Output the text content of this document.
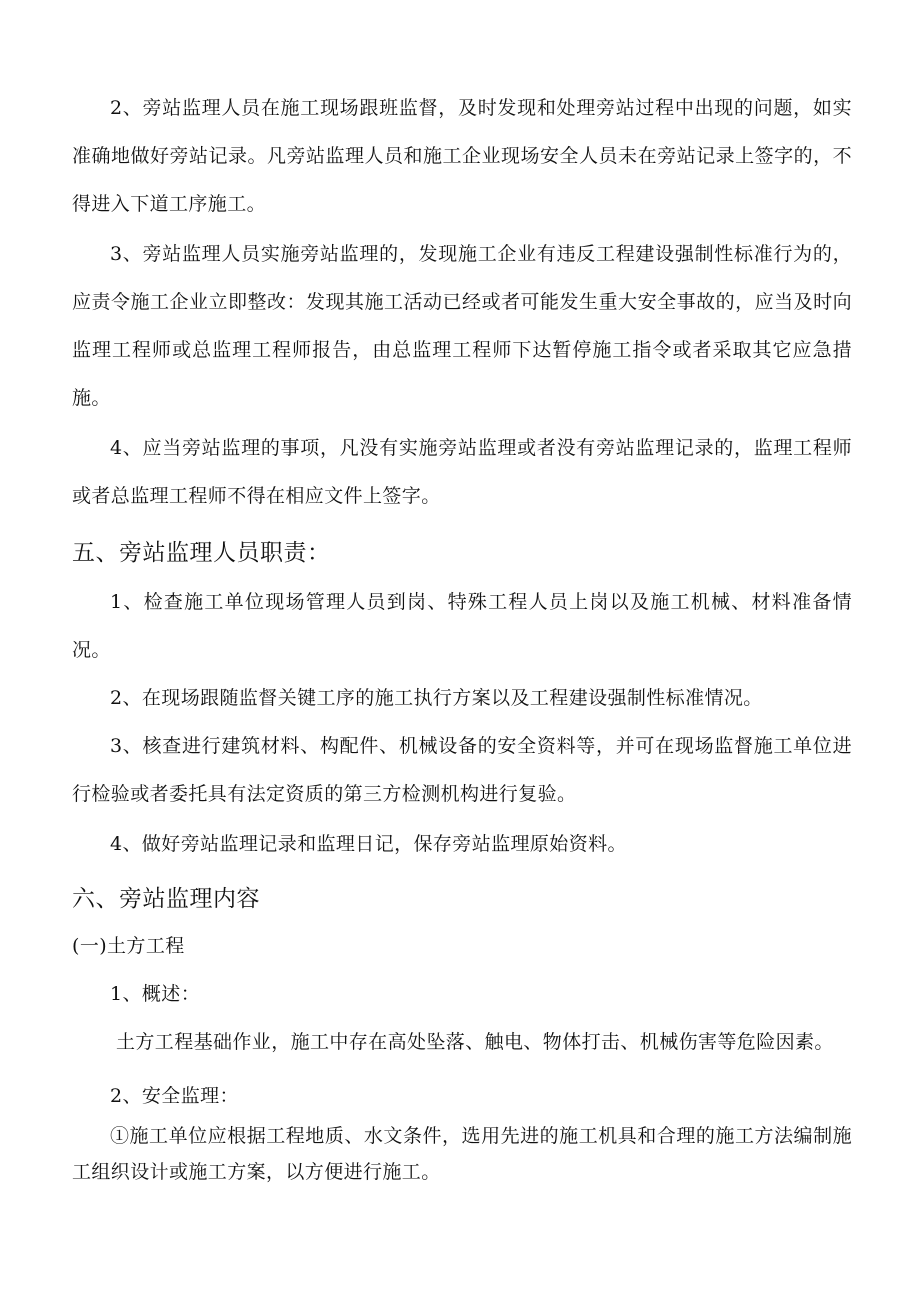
2、旁站监理人员在施工现场跟班监督，及时发现和处理旁站过程中出现的问题，如实准确地做好旁站记录。凡旁站监理人员和施工企业现场安全人员未在旁站记录上签字的，不得进入下道工序施工。

3、旁站监理人员实施旁站监理的，发现施工企业有违反工程建设强制性标准行为的，应责令施工企业立即整改：发现其施工活动已经或者可能发生重大安全事故的，应当及时向监理工程师或总监理工程师报告，由总监理工程师下达暂停施工指令或者采取其它应急措施。

4、应当旁站监理的事项，凡没有实施旁站监理或者没有旁站监理记录的，监理工程师或者总监理工程师不得在相应文件上签字。

五、旁站监理人员职责：

1、检查施工单位现场管理人员到岗、特殊工程人员上岗以及施工机械、材料准备情况。

2、在现场跟随监督关键工序的施工执行方案以及工程建设强制性标准情况。

3、核查进行建筑材料、构配件、机械设备的安全资料等，并可在现场监督施工单位进行检验或者委托具有法定资质的第三方检测机构进行复验。

4、做好旁站监理记录和监理日记，保存旁站监理原始资料。

六、旁站监理内容

(一)土方工程

1、概述：

土方工程基础作业，施工中存在高处坠落、触电、物体打击、机械伤害等危险因素。

2、安全监理：

①施工单位应根据工程地质、水文条件，选用先进的施工机具和合理的施工方法编制施工组织设计或施工方案，以方便进行施工。
